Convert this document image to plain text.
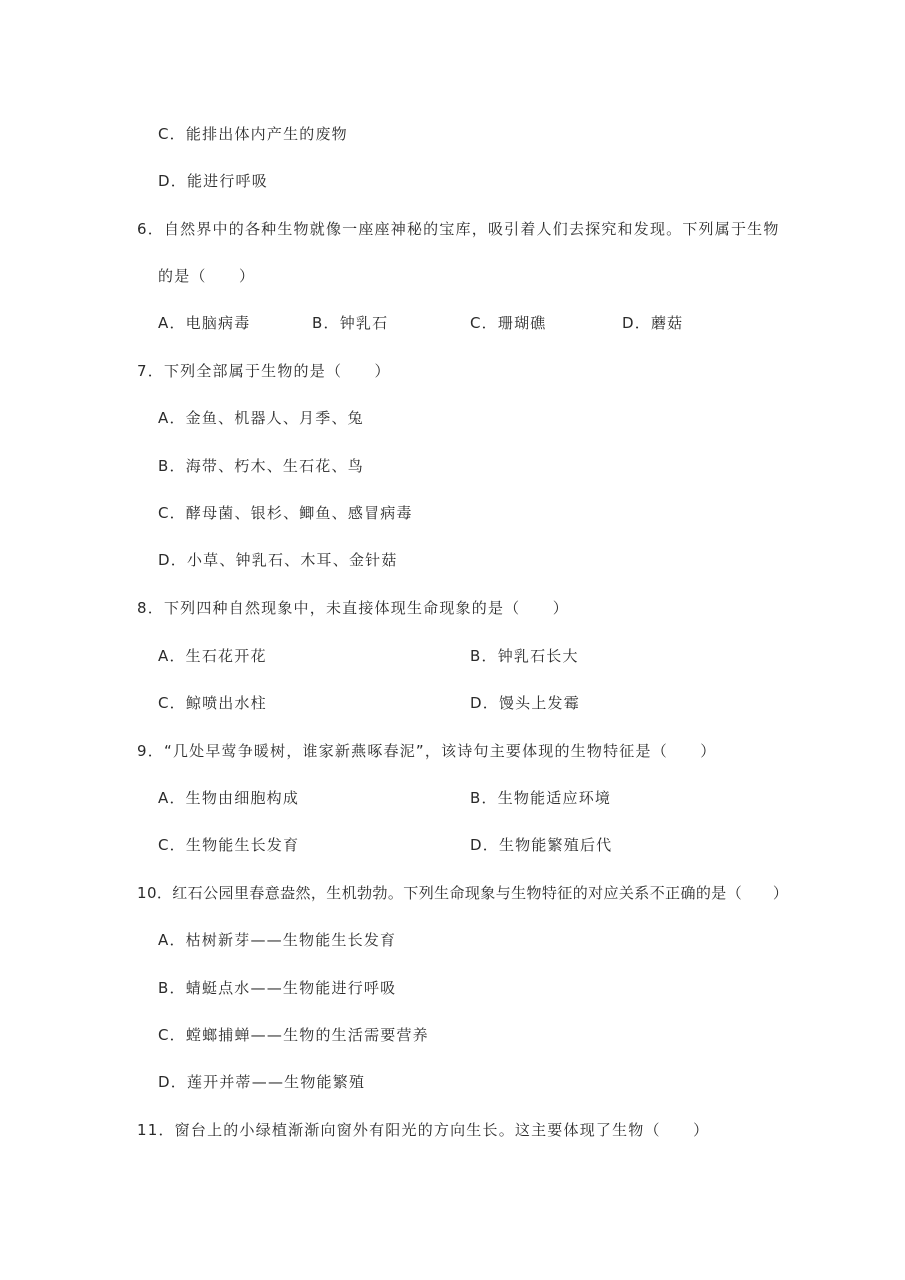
C．能排出体内产生的废物
D．能进行呼吸
6．自然界中的各种生物就像一座座神秘的宝库，吸引着人们去探究和发现。下列属于生物
的是（　　）
A．电脑病毒	B．钟乳石	C．珊瑚礁	D．蘑菇
7．下列全部属于生物的是（　　）
A．金鱼、机器人、月季、兔
B．海带、朽木、生石花、鸟
C．酵母菌、银杉、鲫鱼、感冒病毒
D．小草、钟乳石、木耳、金针菇
8．下列四种自然现象中，未直接体现生命现象的是（　　）
A．生石花开花	B．钟乳石长大
C．鲸喷出水柱	D．馒头上发霉
9．“几处早莺争暖树，谁家新燕啄春泥”，该诗句主要体现的生物特征是（　　）
A．生物由细胞构成	B．生物能适应环境
C．生物能生长发育	D．生物能繁殖后代
10．红石公园里春意盎然，生机勃勃。下列生命现象与生物特征的对应关系不正确的是（　　）
A．枯树新芽——生物能生长发育
B．蜻蜓点水——生物能进行呼吸
C．螳螂捕蝉——生物的生活需要营养
D．莲开并蒂——生物能繁殖
11．窗台上的小绿植渐渐向窗外有阳光的方向生长。这主要体现了生物（　　）
